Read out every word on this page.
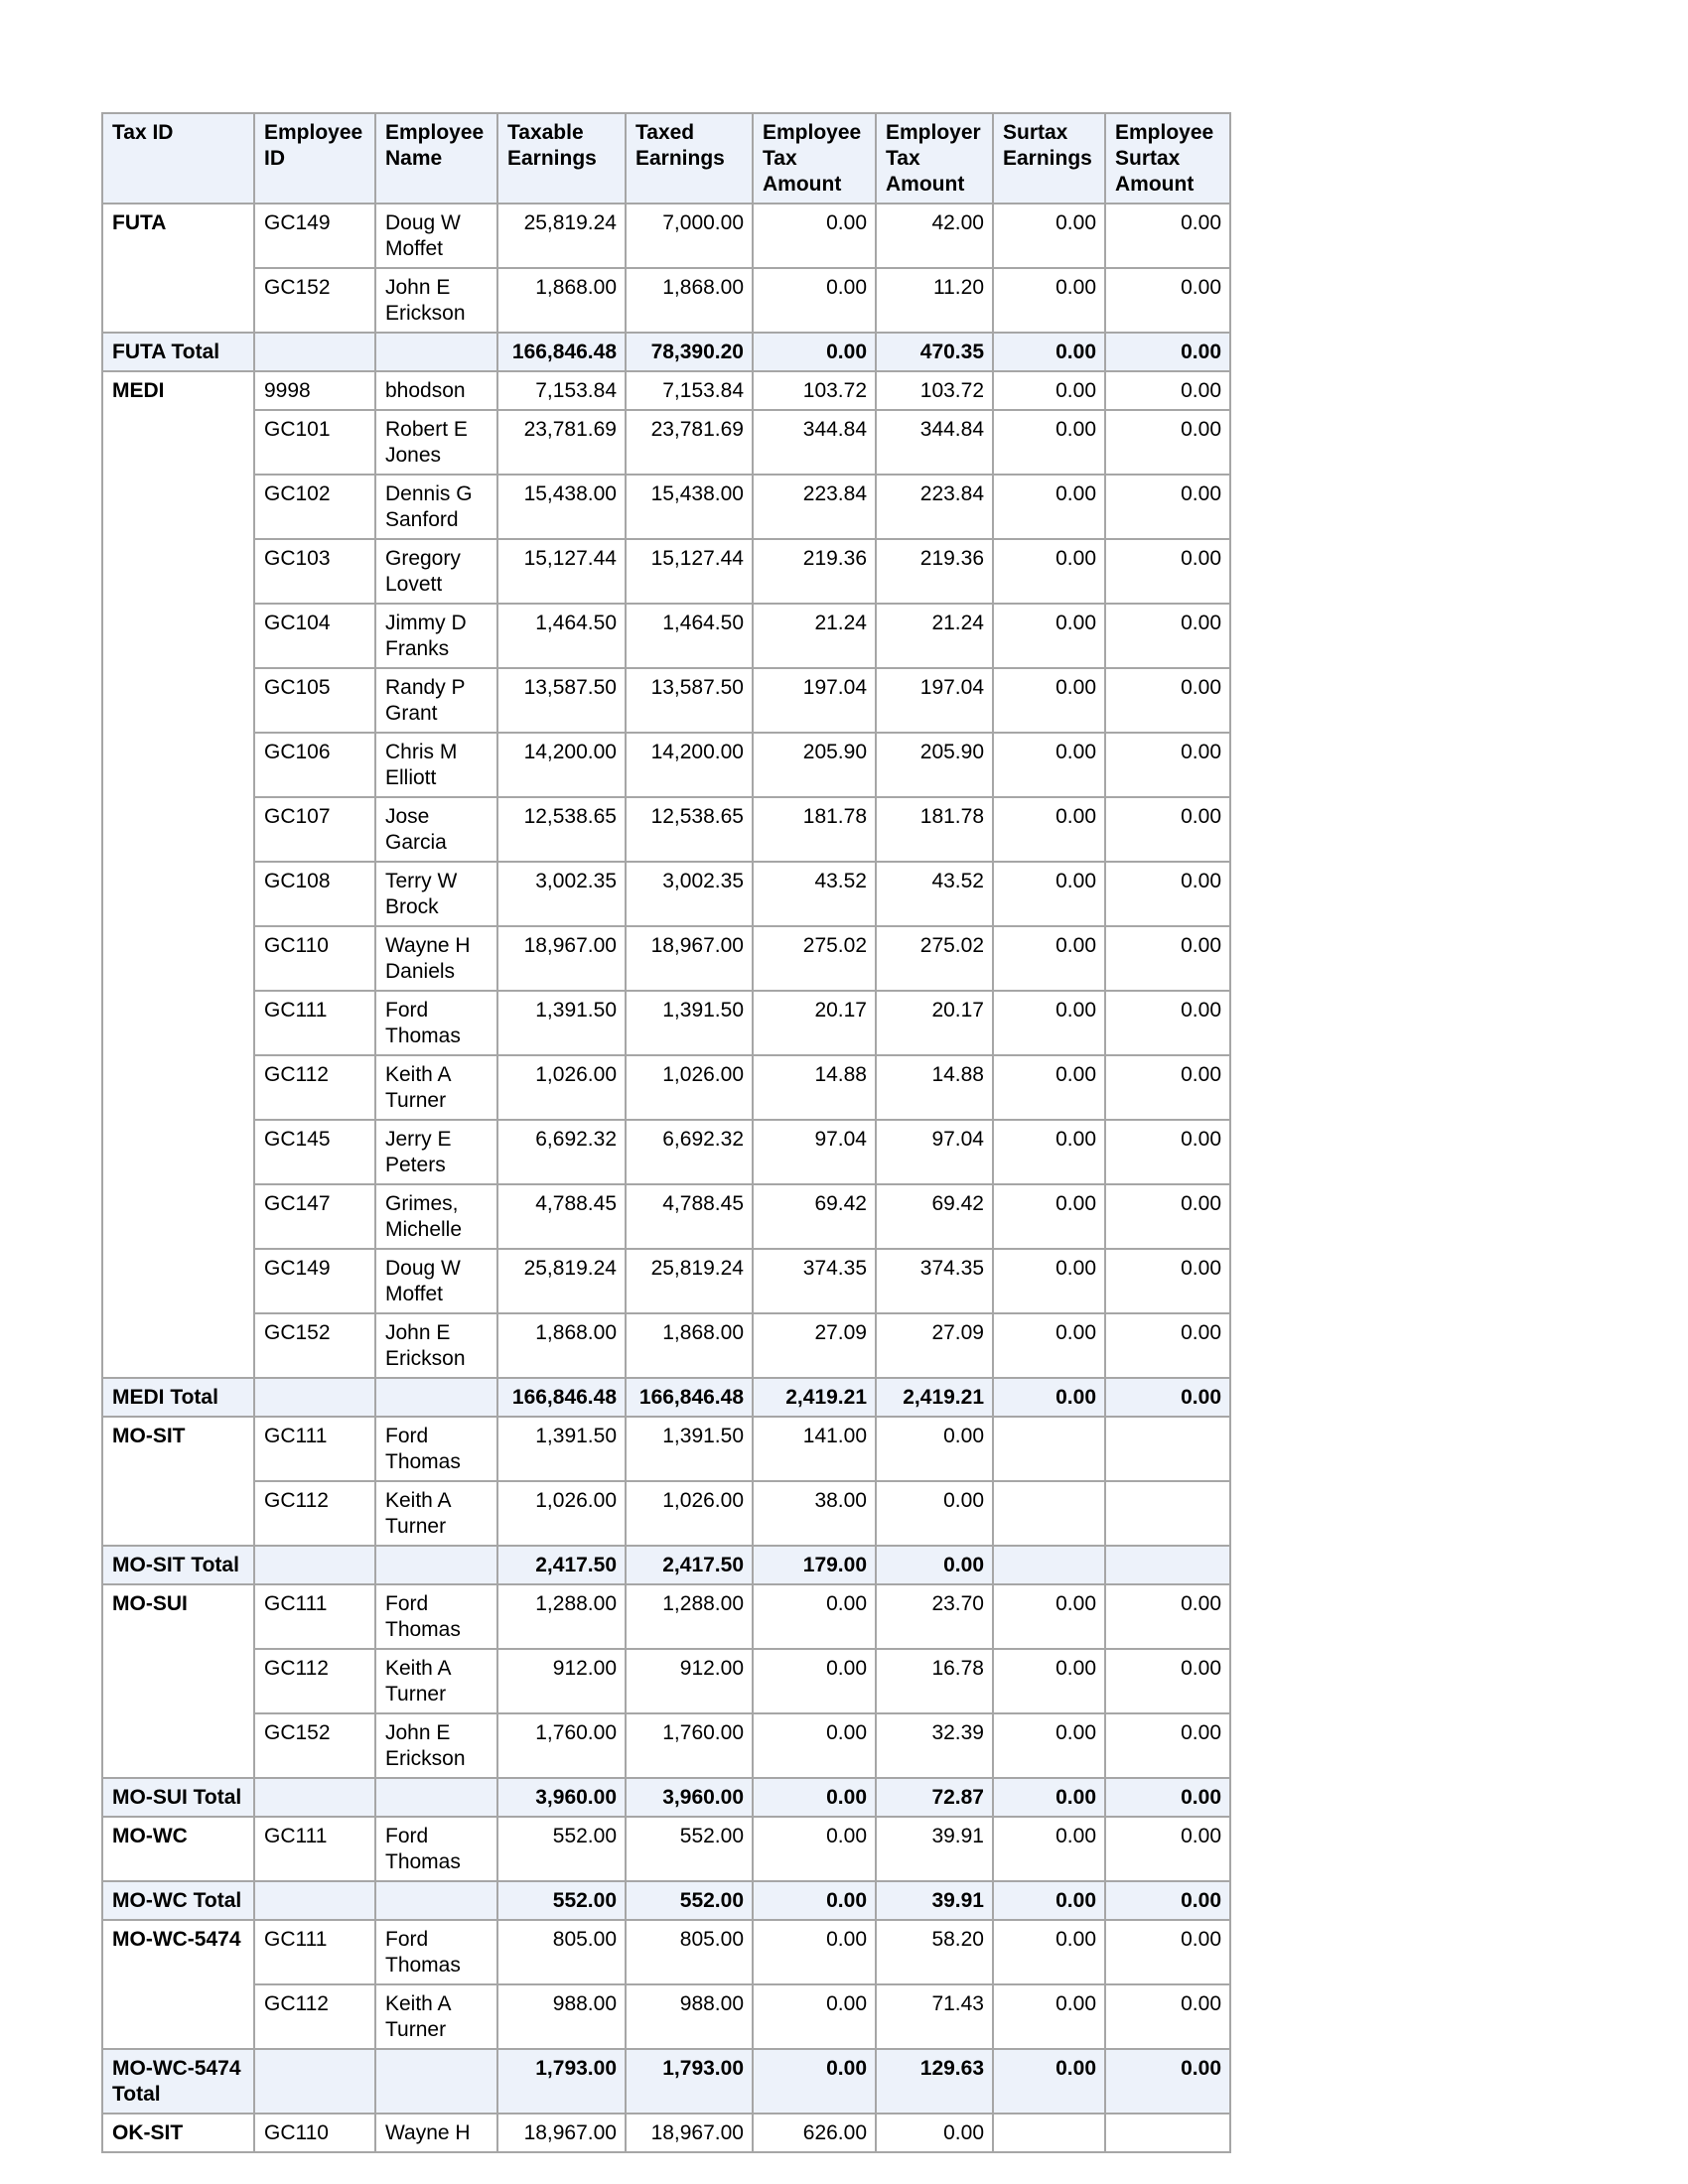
Tax ID	Employee ID	Employee Name	Taxable Earnings	Taxed Earnings	Employee Tax Amount	Employer Tax Amount	Surtax Earnings	Employee Surtax Amount
FUTA	GC149	Doug W Moffet	25,819.24	7,000.00	0.00	42.00	0.00	0.00
	GC152	John E Erickson	1,868.00	1,868.00	0.00	11.20	0.00	0.00
FUTA Total			166,846.48	78,390.20	0.00	470.35	0.00	0.00
MEDI	9998	bhodson	7,153.84	7,153.84	103.72	103.72	0.00	0.00
	GC101	Robert E Jones	23,781.69	23,781.69	344.84	344.84	0.00	0.00
	GC102	Dennis G Sanford	15,438.00	15,438.00	223.84	223.84	0.00	0.00
	GC103	Gregory Lovett	15,127.44	15,127.44	219.36	219.36	0.00	0.00
	GC104	Jimmy D Franks	1,464.50	1,464.50	21.24	21.24	0.00	0.00
	GC105	Randy P Grant	13,587.50	13,587.50	197.04	197.04	0.00	0.00
	GC106	Chris M Elliott	14,200.00	14,200.00	205.90	205.90	0.00	0.00
	GC107	Jose Garcia	12,538.65	12,538.65	181.78	181.78	0.00	0.00
	GC108	Terry W Brock	3,002.35	3,002.35	43.52	43.52	0.00	0.00
	GC110	Wayne H Daniels	18,967.00	18,967.00	275.02	275.02	0.00	0.00
	GC111	Ford Thomas	1,391.50	1,391.50	20.17	20.17	0.00	0.00
	GC112	Keith A Turner	1,026.00	1,026.00	14.88	14.88	0.00	0.00
	GC145	Jerry E Peters	6,692.32	6,692.32	97.04	97.04	0.00	0.00
	GC147	Grimes, Michelle	4,788.45	4,788.45	69.42	69.42	0.00	0.00
	GC149	Doug W Moffet	25,819.24	25,819.24	374.35	374.35	0.00	0.00
	GC152	John E Erickson	1,868.00	1,868.00	27.09	27.09	0.00	0.00
MEDI Total			166,846.48	166,846.48	2,419.21	2,419.21	0.00	0.00
MO-SIT	GC111	Ford Thomas	1,391.50	1,391.50	141.00	0.00		
	GC112	Keith A Turner	1,026.00	1,026.00	38.00	0.00		
MO-SIT Total			2,417.50	2,417.50	179.00	0.00		
MO-SUI	GC111	Ford Thomas	1,288.00	1,288.00	0.00	23.70	0.00	0.00
	GC112	Keith A Turner	912.00	912.00	0.00	16.78	0.00	0.00
	GC152	John E Erickson	1,760.00	1,760.00	0.00	32.39	0.00	0.00
MO-SUI Total			3,960.00	3,960.00	0.00	72.87	0.00	0.00
MO-WC	GC111	Ford Thomas	552.00	552.00	0.00	39.91	0.00	0.00
MO-WC Total			552.00	552.00	0.00	39.91	0.00	0.00
MO-WC-5474	GC111	Ford Thomas	805.00	805.00	0.00	58.20	0.00	0.00
	GC112	Keith A Turner	988.00	988.00	0.00	71.43	0.00	0.00
MO-WC-5474 Total			1,793.00	1,793.00	0.00	129.63	0.00	0.00
OK-SIT	GC110	Wayne H	18,967.00	18,967.00	626.00	0.00		
